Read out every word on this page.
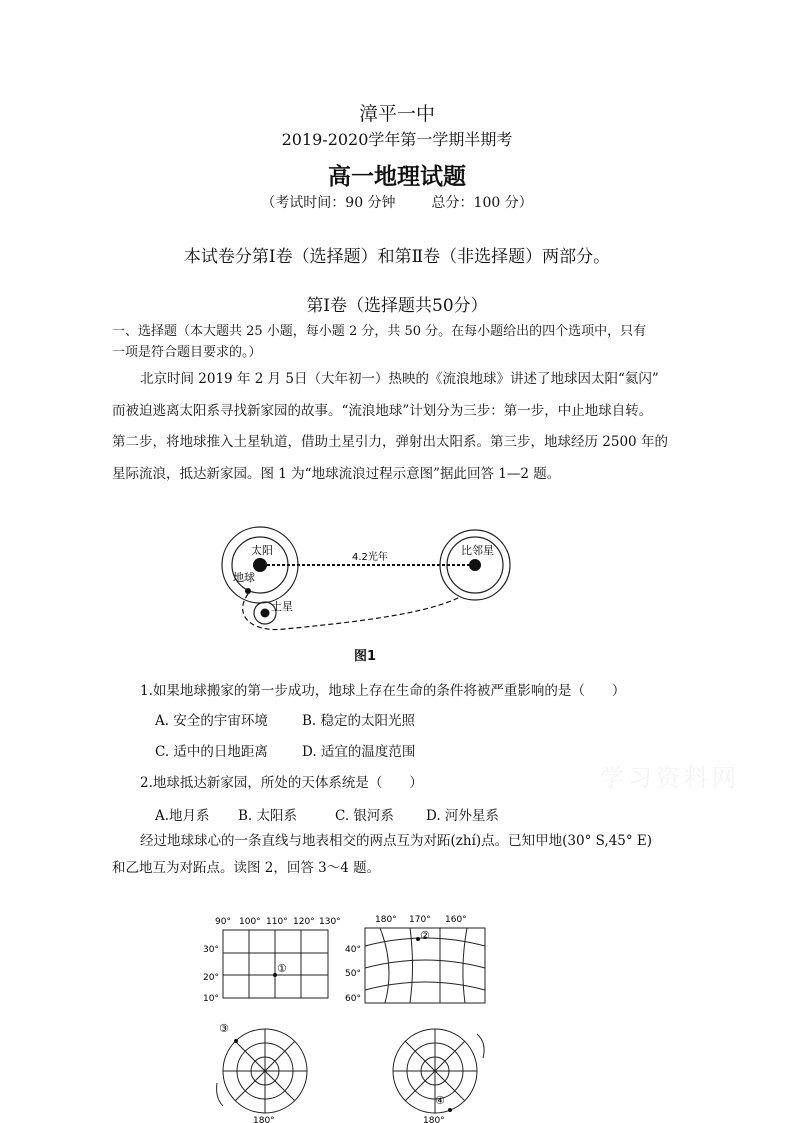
漳平一中
2019-2020学年第一学期半期考
高一地理试题
（考试时间：90 分钟	总分：100 分）
本试卷分第Ⅰ卷（选择题）和第Ⅱ卷（非选择题）两部分。
第Ⅰ卷（选择题共50分）
一、选择题（本大题共 25 小题，每小题 2 分，共 50 分。在每小题给出的四个选项中，只有
一项是符合题目要求的。）
北京时间 2019 年 2 月 5日（大年初一）热映的《流浪地球》讲述了地球因太阳“氦闪”
而被迫逃离太阳系寻找新家园的故事。“流浪地球”计划分为三步：第一步，中止地球自转。
第二步，将地球推入土星轨道，借助土星引力，弹射出太阳系。第三步，地球经历 2500 年的
星际流浪，抵达新家园。图 1 为“地球流浪过程示意图”据此回答 1—2 题。
太阳
地球
土星
比邻星
4.2光年
图1
1.如果地球搬家的第一步成功，地球上存在生命的条件将被严重影响的是（　　）
A. 安全的宇宙环境	B. 稳定的太阳光照
C. 适中的日地距离	D. 适宜的温度范围
2.地球抵达新家园，所处的天体系统是（　　）
A.地月系 B. 太阳系	C. 银河系 D. 河外星系
经过地球球心的一条直线与地表相交的两点互为对跖(zhí)点。已知甲地(30° S,45° E)
和乙地互为对跖点。读图 2，回答 3～4 题。
学习资料网
90° 100° 110° 120° 130°
30°
20°
10°
①
180° 170° 160°
40°
50°
60°
②
③
180°
④
180°
